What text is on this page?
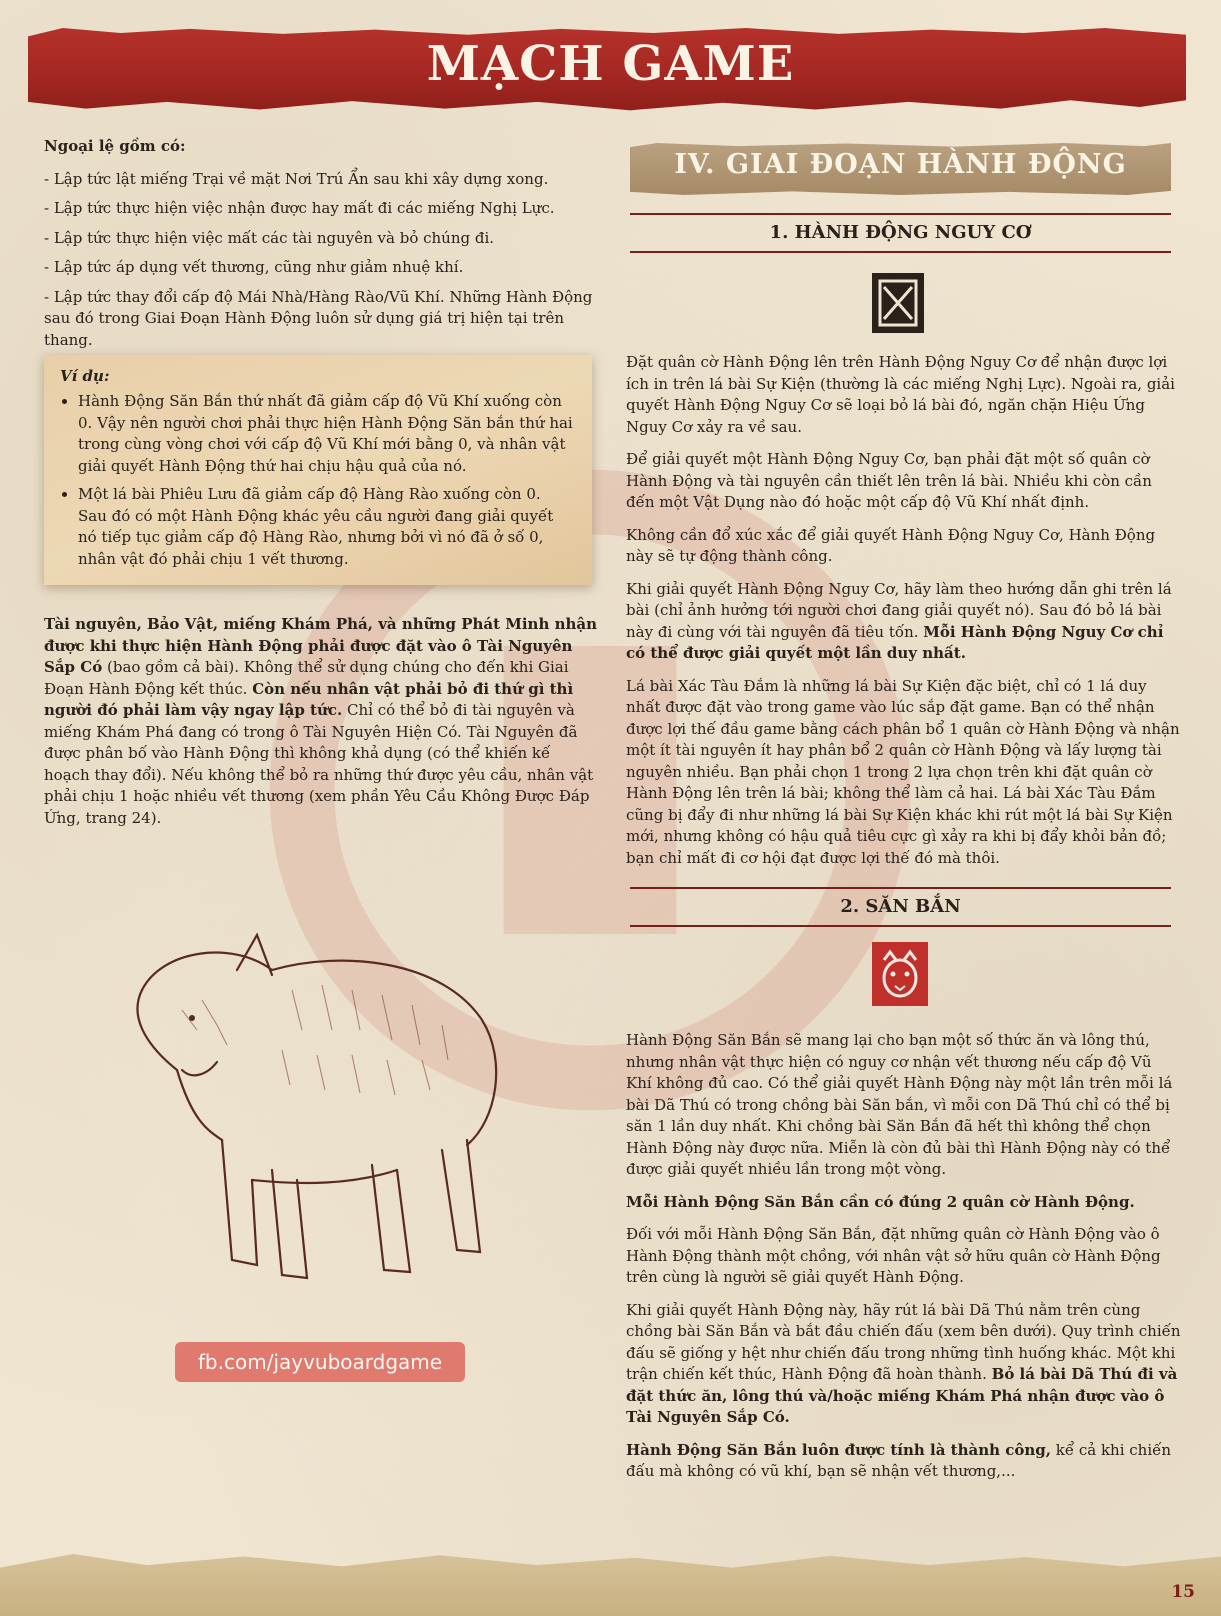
MẠCH GAME

Ngoại lệ gồm có:

- Lập tức lật miếng Trại về mặt Nơi Trú Ẩn sau khi xây dựng xong.
- Lập tức thực hiện việc nhận được hay mất đi các miếng Nghị Lực.
- Lập tức thực hiện việc mất các tài nguyên và bỏ chúng đi.
- Lập tức áp dụng vết thương, cũng như giảm nhuệ khí.
- Lập tức thay đổi cấp độ Mái Nhà/Hàng Rào/Vũ Khí. Những Hành Động sau đó trong Giai Đoạn Hành Động luôn sử dụng giá trị hiện tại trên thang.
Ví dụ:
• Hành Động Săn Bắn thứ nhất đã giảm cấp độ Vũ Khí xuống còn 0. Vậy nên người chơi phải thực hiện Hành Động Săn bắn thứ hai trong cùng vòng chơi với cấp độ Vũ Khí mới bằng 0, và nhân vật giải quyết Hành Động thứ hai chịu hậu quả của nó.
• Một lá bài Phiêu Lưu đã giảm cấp độ Hàng Rào xuống còn 0. Sau đó có một Hành Động khác yêu cầu người đang giải quyết nó tiếp tục giảm cấp độ Hàng Rào, nhưng bởi vì nó đã ở số 0, nhân vật đó phải chịu 1 vết thương.

Tài nguyên, Bảo Vật, miếng Khám Phá, và những Phát Minh nhận được khi thực hiện Hành Động phải được đặt vào ô Tài Nguyên Sắp Có (bao gồm cả bài). Không thể sử dụng chúng cho đến khi Giai Đoạn Hành Động kết thúc. Còn nếu nhân vật phải bỏ đi thứ gì thì người đó phải làm vậy ngay lập tức. Chỉ có thể bỏ đi tài nguyên và miếng Khám Phá đang có trong ô Tài Nguyên Hiện Có. Tài Nguyên đã được phân bố vào Hành Động thì không khả dụng (có thể khiến kế hoạch thay đổi). Nếu không thể bỏ ra những thứ được yêu cầu, nhân vật phải chịu 1 hoặc nhiều vết thương (xem phần Yêu Cầu Không Được Đáp Ứng, trang 24).

fb.com/jayvuboardgame
IV. GIAI ĐOẠN HÀNH ĐỘNG
1. HÀNH ĐỘNG NGUY CƠ

Đặt quân cờ Hành Động lên trên Hành Động Nguy Cơ để nhận được lợi ích in trên lá bài Sự Kiện (thường là các miếng Nghị Lực). Ngoài ra, giải quyết Hành Động Nguy Cơ sẽ loại bỏ lá bài đó, ngăn chặn Hiệu Ứng Nguy Cơ xảy ra về sau.

Để giải quyết một Hành Động Nguy Cơ, bạn phải đặt một số quân cờ Hành Động và tài nguyên cần thiết lên trên lá bài. Nhiều khi còn cần đến một Vật Dụng nào đó hoặc một cấp độ Vũ Khí nhất định.

Không cần đổ xúc xắc để giải quyết Hành Động Nguy Cơ, Hành Động này sẽ tự động thành công.

Khi giải quyết Hành Động Nguy Cơ, hãy làm theo hướng dẫn ghi trên lá bài (chỉ ảnh hưởng tới người chơi đang giải quyết nó). Sau đó bỏ lá bài này đi cùng với tài nguyên đã tiêu tốn. Mỗi Hành Động Nguy Cơ chỉ có thể được giải quyết một lần duy nhất.

Lá bài Xác Tàu Đắm là những lá bài Sự Kiện đặc biệt, chỉ có 1 lá duy nhất được đặt vào trong game vào lúc sắp đặt game. Bạn có thể nhận được lợi thế đầu game bằng cách phân bổ 1 quân cờ Hành Động và nhận một ít tài nguyên ít hay phân bổ 2 quân cờ Hành Động và lấy lượng tài nguyên nhiều. Bạn phải chọn 1 trong 2 lựa chọn trên khi đặt quân cờ Hành Động lên trên lá bài; không thể làm cả hai. Lá bài Xác Tàu Đắm cũng bị đẩy đi như những lá bài Sự Kiện khác khi rút một lá bài Sự Kiện mới, nhưng không có hậu quả tiêu cực gì xảy ra khi bị đẩy khỏi bản đồ; bạn chỉ mất đi cơ hội đạt được lợi thế đó mà thôi.

2. SĂN BẮN

Hành Động Săn Bắn sẽ mang lại cho bạn một số thức ăn và lông thú, nhưng nhân vật thực hiện có nguy cơ nhận vết thương nếu cấp độ Vũ Khí không đủ cao. Có thể giải quyết Hành Động này một lần trên mỗi lá bài Dã Thú có trong chồng bài Săn bắn, vì mỗi con Dã Thú chỉ có thể bị săn 1 lần duy nhất. Khi chồng bài Săn Bắn đã hết thì không thể chọn Hành Động này được nữa. Miễn là còn đủ bài thì Hành Động này có thể được giải quyết nhiều lần trong một vòng.

Mỗi Hành Động Săn Bắn cần có đúng 2 quân cờ Hành Động.

Đối với mỗi Hành Động Săn Bắn, đặt những quân cờ Hành Động vào ô Hành Động thành một chồng, với nhân vật sở hữu quân cờ Hành Động trên cùng là người sẽ giải quyết Hành Động.

Khi giải quyết Hành Động này, hãy rút lá bài Dã Thú nằm trên cùng chồng bài Săn Bắn và bắt đầu chiến đấu (xem bên dưới). Quy trình chiến đấu sẽ giống y hệt như chiến đấu trong những tình huống khác. Một khi trận chiến kết thúc, Hành Động đã hoàn thành. Bỏ lá bài Dã Thú đi và đặt thức ăn, lông thú và/hoặc miếng Khám Phá nhận được vào ô Tài Nguyên Sắp Có.

Hành Động Săn Bắn luôn được tính là thành công, kể cả khi chiến đấu mà không có vũ khí, bạn sẽ nhận vết thương,...

15
